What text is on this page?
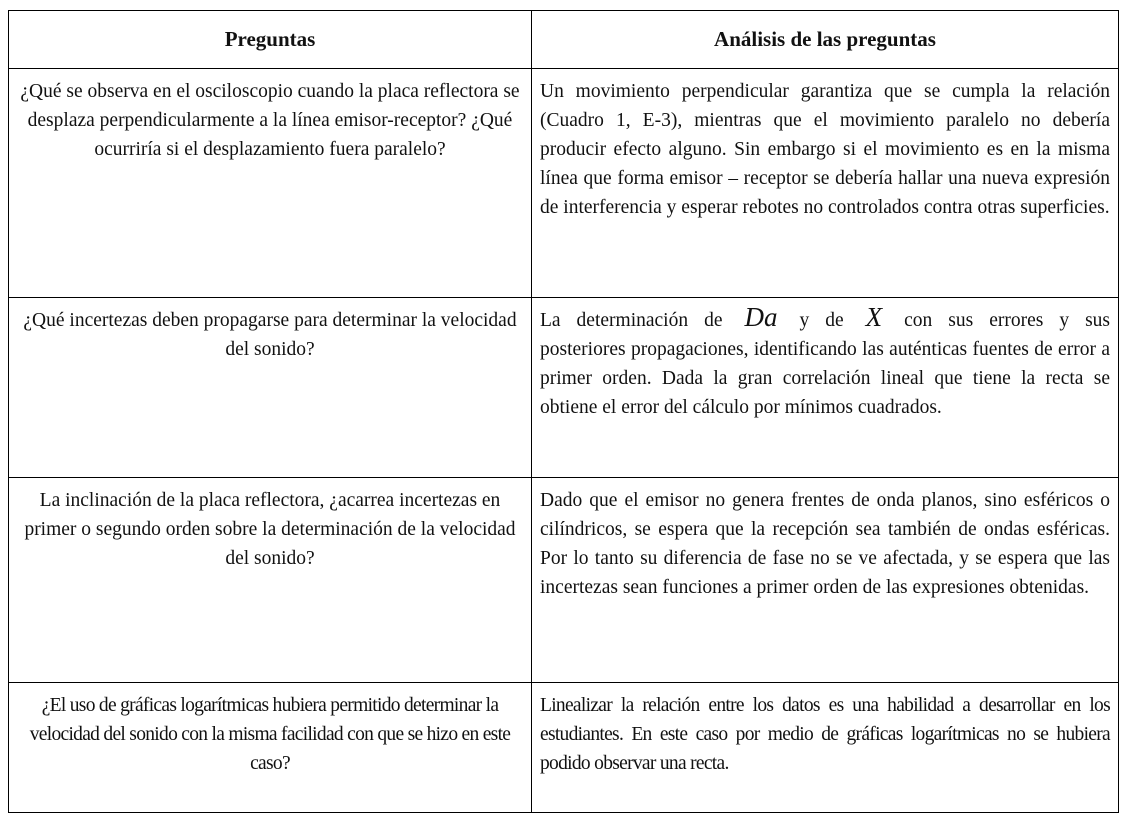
Preguntas	Análisis de las preguntas
¿Qué se observa en el osciloscopio cuando la placa reflectora se desplaza perpendicularmente a la línea emisor-receptor? ¿Qué ocurriría si el desplazamiento fuera paralelo?	Un movimiento perpendicular garantiza que se cumpla la relación (Cuadro 1, E-3), mientras que el movimiento paralelo no debería producir efecto alguno. Sin embargo si el movimiento es en la misma línea que forma emisor – receptor se debería hallar una nueva expresión de interferencia y esperar rebotes no controlados contra otras superficies.
¿Qué incertezas deben propagarse para determinar la velocidad del sonido?	La determinación de Da y de X con sus errores y sus posteriores propagaciones, identificando las auténticas fuentes de error a primer orden. Dada la gran correlación lineal que tiene la recta se obtiene el error del cálculo por mínimos cuadrados.
La inclinación de la placa reflectora, ¿acarrea incertezas en primer o segundo orden sobre la determinación de la velocidad del sonido?	Dado que el emisor no genera frentes de onda planos, sino esféricos o cilíndricos, se espera que la recepción sea también de ondas esféricas. Por lo tanto su diferencia de fase no se ve afectada, y se espera que las incertezas sean funciones a primer orden de las expresiones obtenidas.
¿El uso de gráficas logarítmicas hubiera permitido determinar la velocidad del sonido con la misma facilidad con que se hizo en este caso?	Linealizar la relación entre los datos es una habilidad a desarrollar en los estudiantes. En este caso por medio de gráficas logarítmicas no se hubiera podido observar una recta.
